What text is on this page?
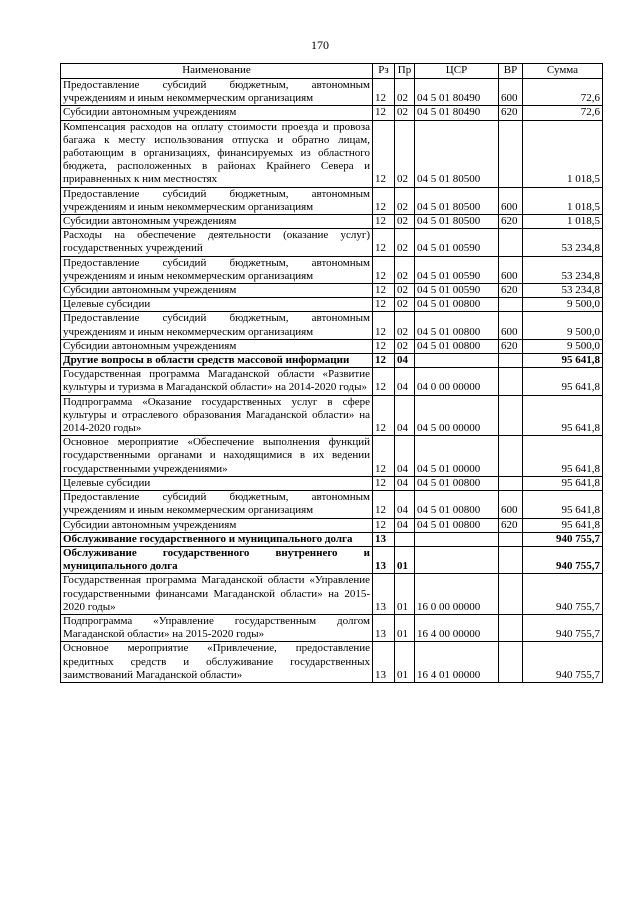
170
Наименование	Рз	Пр	ЦСР	ВР	Сумма
Предоставление субсидий бюджетным, автономным учреждениям и иным некоммерческим организациям	12	02	04 5 01 80490	600	72,6
Субсидии автономным учреждениям	12	02	04 5 01 80490	620	72,6
Компенсация расходов на оплату стоимости проезда и провоза багажа к месту использования отпуска и обратно лицам, работающим в организациях, финансируемых из областного бюджета, расположенных в районах Крайнего Севера и приравненных к ним местностях	12	02	04 5 01 80500		1 018,5
Предоставление субсидий бюджетным, автономным учреждениям и иным некоммерческим организациям	12	02	04 5 01 80500	600	1 018,5
Субсидии автономным учреждениям	12	02	04 5 01 80500	620	1 018,5
Расходы на обеспечение деятельности (оказание услуг) государственных учреждений	12	02	04 5 01 00590		53 234,8
Предоставление субсидий бюджетным, автономным учреждениям и иным некоммерческим организациям	12	02	04 5 01 00590	600	53 234,8
Субсидии автономным учреждениям	12	02	04 5 01 00590	620	53 234,8
Целевые субсидии	12	02	04 5 01 00800		9 500,0
Предоставление субсидий бюджетным, автономным учреждениям и иным некоммерческим организациям	12	02	04 5 01 00800	600	9 500,0
Субсидии автономным учреждениям	12	02	04 5 01 00800	620	9 500,0
Другие вопросы в области средств массовой информации	12	04			95 641,8
Государственная программа Магаданской области «Развитие культуры и туризма в Магаданской области» на 2014-2020 годы»	12	04	04 0 00 00000		95 641,8
Подпрограмма «Оказание государственных услуг в сфере культуры и отраслевого образования Магаданской области» на 2014-2020 годы»	12	04	04 5 00 00000		95 641,8
Основное мероприятие «Обеспечение выполнения функций государственными органами и находящимися в их ведении государственными учреждениями»	12	04	04 5 01 00000		95 641,8
Целевые субсидии	12	04	04 5 01 00800		95 641,8
Предоставление субсидий бюджетным, автономным учреждениям и иным некоммерческим организациям	12	04	04 5 01 00800	600	95 641,8
Субсидии автономным учреждениям	12	04	04 5 01 00800	620	95 641,8
Обслуживание государственного и муниципального долга	13				940 755,7
Обслуживание государственного внутреннего и муниципального долга	13	01			940 755,7
Государственная программа Магаданской области «Управление государственными финансами Магаданской области» на 2015-2020 годы»	13	01	16 0 00 00000		940 755,7
Подпрограмма «Управление государственным долгом Магаданской области» на 2015-2020 годы»	13	01	16 4 00 00000		940 755,7
Основное мероприятие «Привлечение, предоставление кредитных средств и обслуживание государственных заимствований Магаданской области»	13	01	16 4 01 00000		940 755,7
